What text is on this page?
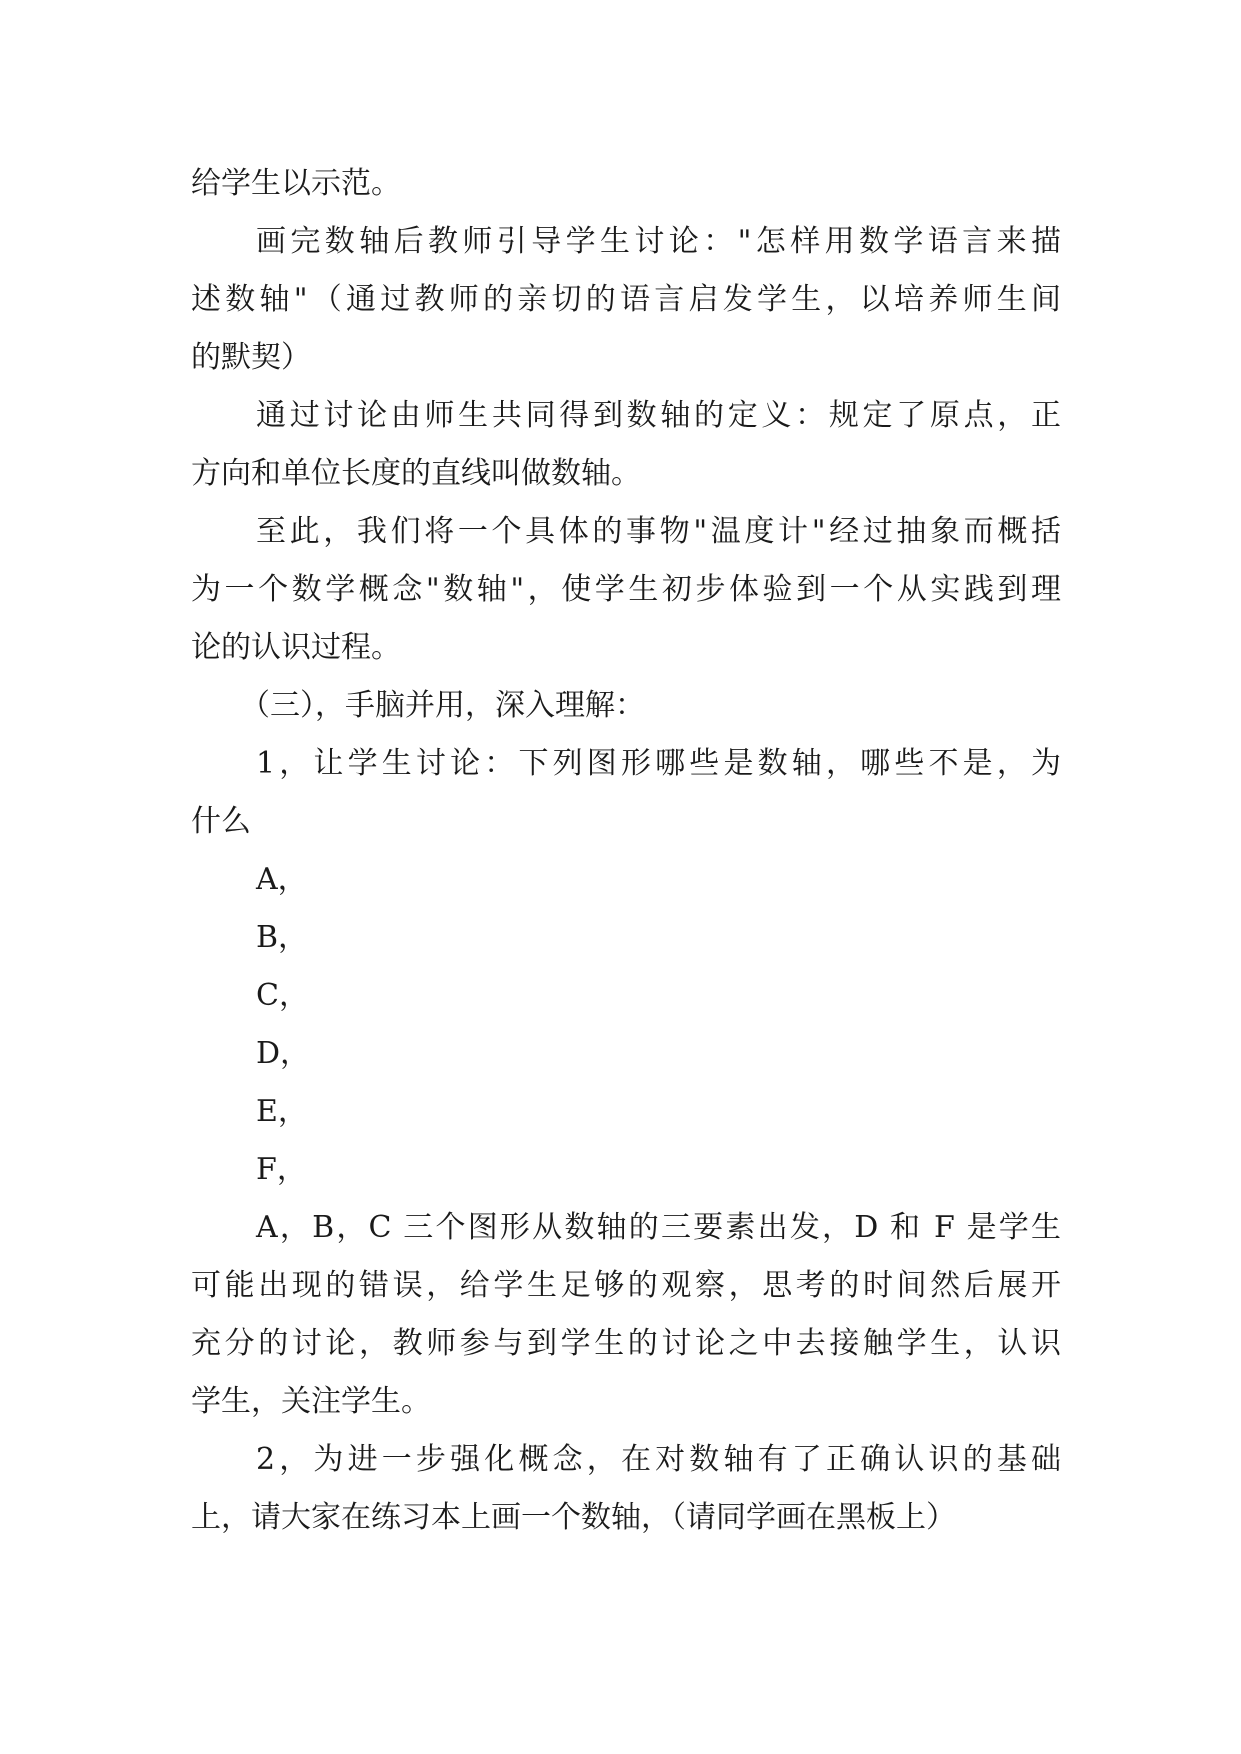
给学生以示范。
画完数轴后教师引导学生讨论："怎样用数学语言来描
述数轴"（通过教师的亲切的语言启发学生，以培养师生间
的默契）
通过讨论由师生共同得到数轴的定义：规定了原点，正
方向和单位长度的直线叫做数轴。
至此，我们将一个具体的事物"温度计"经过抽象而概括
为一个数学概念"数轴"，使学生初步体验到一个从实践到理
论的认识过程。
（三），手脑并用，深入理解：
1，让学生讨论：下列图形哪些是数轴，哪些不是，为
什么
A，
B，
C，
D，
E，
F，
A，B，C 三个图形从数轴的三要素出发，D 和 F 是学生
可能出现的错误，给学生足够的观察，思考的时间然后展开
充分的讨论，教师参与到学生的讨论之中去接触学生，认识
学生，关注学生。
2，为进一步强化概念，在对数轴有了正确认识的基础
上，请大家在练习本上画一个数轴，（请同学画在黑板上）
